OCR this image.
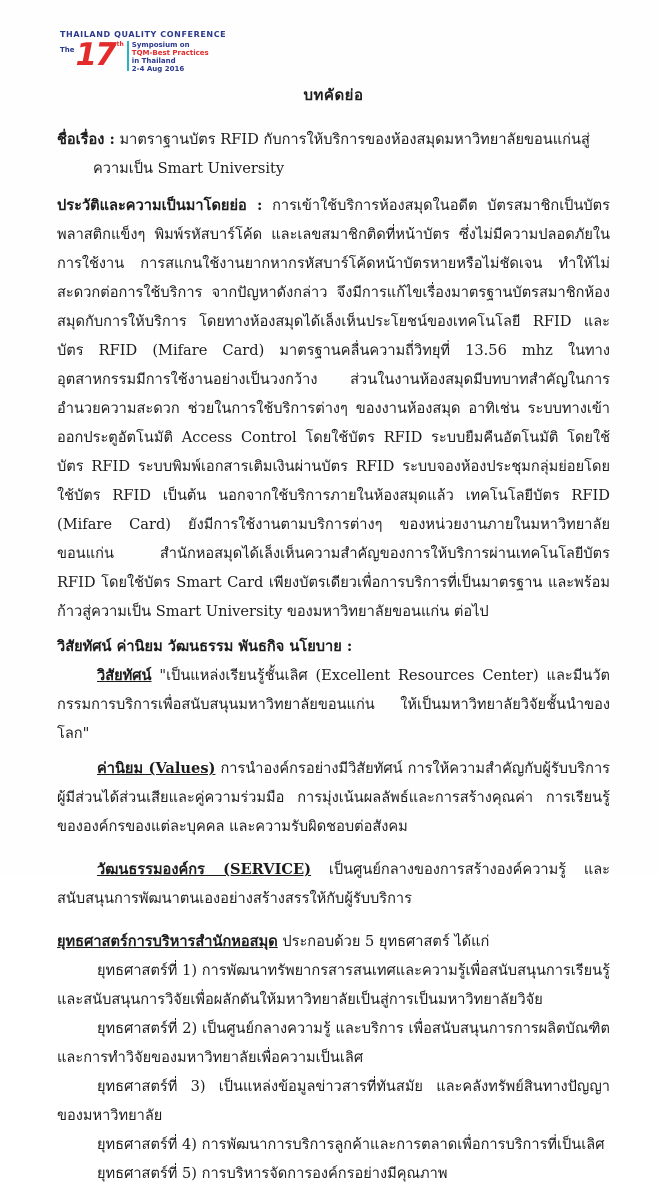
THAILAND QUALITY CONFERENCE
The 17 th Symposium on
TQM-Best Practices
in Thailand
2-4 Aug 2016
บทคัดย่อ
ชื่อเรื่อง : มาตราฐานบัตร RFID กับการให้บริการของห้องสมุดมหาวิทยาลัยขอนแก่นสู่ความเป็น Smart University
ประวัติและความเป็นมาโดยย่อ : การเข้าใช้บริการห้องสมุดในอดีต บัตรสมาชิกเป็นบัตรพลาสติกแข็งๆ พิมพ์รหัสบาร์โค้ด และเลขสมาชิกติดที่หน้าบัตร ซึ่งไม่มีความปลอดภัยในการใช้งาน การสแกนใช้งานยากหากรหัสบาร์โค้ดหน้าบัตรหายหรือไม่ชัดเจน ทำให้ไม่สะดวกต่อการใช้บริการ จากปัญหาดังกล่าว จึงมีการแก้ไขเรื่องมาตรฐานบัตรสมาชิกห้องสมุดกับการให้บริการ โดยทางห้องสมุดได้เล็งเห็นประโยชน์ของเทคโนโลยี RFID และบัตร RFID (Mifare Card) มาตรฐานคลื่นความถี่วิทยุที่ 13.56 mhz ในทางอุตสาหกรรมมีการใช้งานอย่างเป็นวงกว้าง ส่วนในงานห้องสมุดมีบทบาทสำคัญในการอำนวยความสะดวก ช่วยในการใช้บริการต่างๆ ของงานห้องสมุด อาทิเช่น ระบบทางเข้าออกประตูอัตโนมัติ Access Control โดยใช้บัตร RFID ระบบยืมคืนอัตโนมัติ โดยใช้บัตร RFID ระบบพิมพ์เอกสารเติมเงินผ่านบัตร RFID ระบบจองห้องประชุมกลุ่มย่อยโดยใช้บัตร RFID เป็นต้น นอกจากใช้บริการภายในห้องสมุดแล้ว เทคโนโลยีบัตร RFID (Mifare Card) ยังมีการใช้งานตามบริการต่างๆ ของหน่วยงานภายในมหาวิทยาลัยขอนแก่น สำนักหอสมุดได้เล็งเห็นความสำคัญของการให้บริการผ่านเทคโนโลยีบัตร RFID โดยใช้บัตร Smart Card เพียงบัตรเดียวเพื่อการบริการที่เป็นมาตรฐาน และพร้อมก้าวสู่ความเป็น Smart University ของมหาวิทยาลัยขอนแก่น ต่อไป
วิสัยทัศน์ ค่านิยม วัฒนธรรม พันธกิจ นโยบาย :
วิสัยทัศน์ "เป็นแหล่งเรียนรู้ชั้นเลิศ (Excellent Resources Center) และมีนวัตกรรมการบริการเพื่อสนับสนุนมหาวิทยาลัยขอนแก่น ให้เป็นมหาวิทยาลัยวิจัยชั้นนำของโลก"
ค่านิยม (Values) การนำองค์กรอย่างมีวิสัยทัศน์ การให้ความสำคัญกับผู้รับบริการ ผู้มีส่วนได้ส่วนเสียและคู่ความร่วมมือ การมุ่งเน้นผลลัพธ์และการสร้างคุณค่า การเรียนรู้ขององค์กรของแต่ละบุคคล และความรับผิดชอบต่อสังคม
วัฒนธรรมองค์กร (SERVICE) เป็นศูนย์กลางของการสร้างองค์ความรู้ และสนับสนุนการพัฒนาตนเองอย่างสร้างสรรให้กับผู้รับบริการ
ยุทธศาสตร์การบริหารสำนักหอสมุด ประกอบด้วย 5 ยุทธศาสตร์ ได้แก่
ยุทธศาสตร์ที่ 1) การพัฒนาทรัพยากรสารสนเทศและความรู้เพื่อสนับสนุนการเรียนรู้ และสนับสนุนการวิจัยเพื่อผลักดันให้มหาวิทยาลัยเป็นสู่การเป็นมหาวิทยาลัยวิจัย
ยุทธศาสตร์ที่ 2) เป็นศูนย์กลางความรู้ และบริการ เพื่อสนับสนุนการการผลิตบัณฑิตและการทำวิจัยของมหาวิทยาลัยเพื่อความเป็นเลิศ
ยุทธศาสตร์ที่ 3) เป็นแหล่งข้อมูลข่าวสารที่ทันสมัย และคลังทรัพย์สินทางปัญญาของมหาวิทยาลัย
ยุทธศาสตร์ที่ 4) การพัฒนาการบริการลูกค้าและการตลาดเพื่อการบริการที่เป็นเลิศ
ยุทธศาสตร์ที่ 5) การบริหารจัดการองค์กรอย่างมีคุณภาพ
